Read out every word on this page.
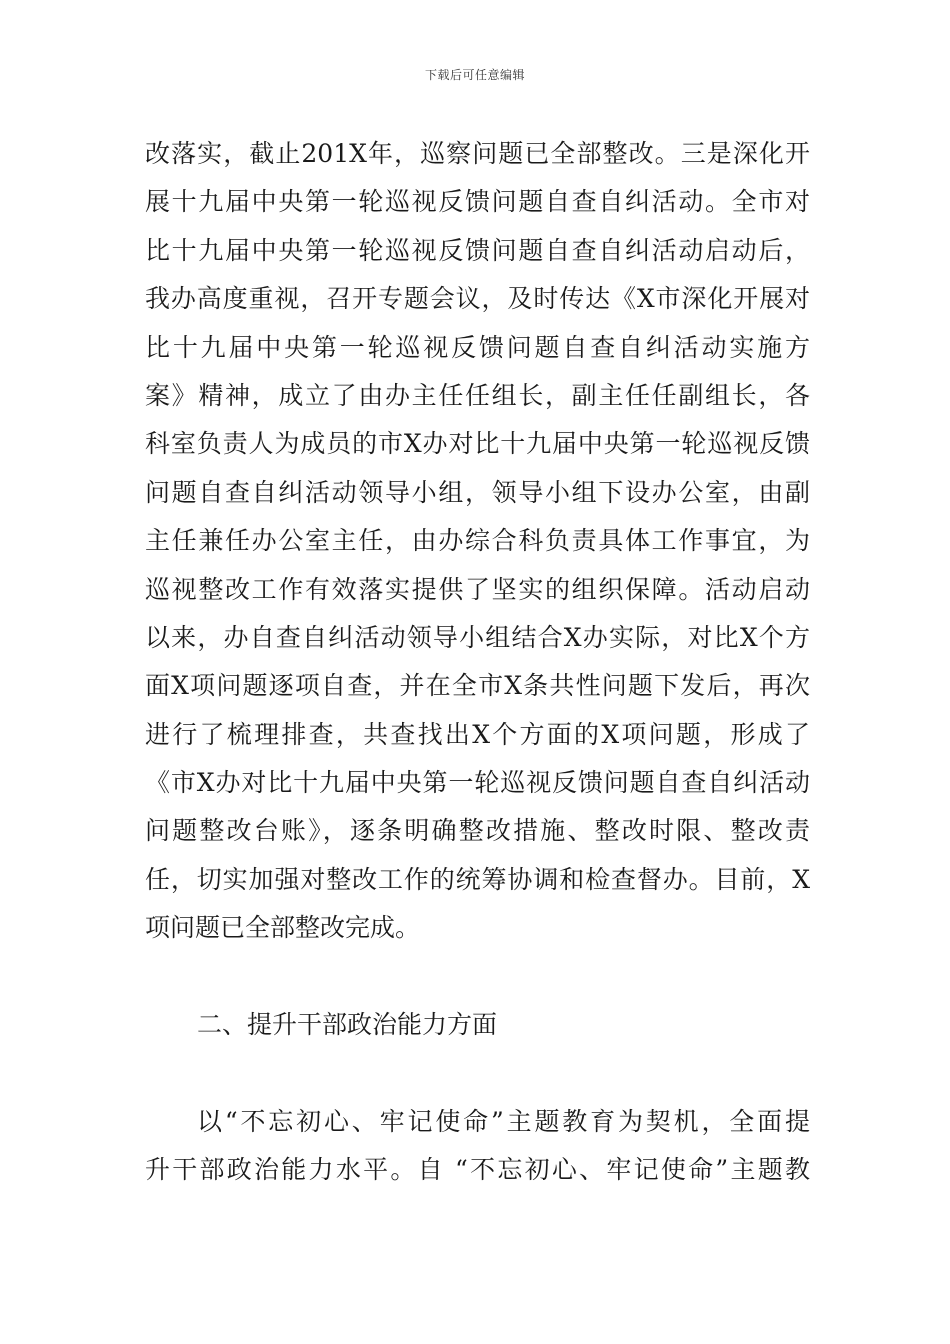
下载后可任意编辑
改落实，截止201X年，巡察问题已全部整改。三是深化开
展十九届中央第一轮巡视反馈问题自查自纠活动。全市对
比十九届中央第一轮巡视反馈问题自查自纠活动启动后，
我办高度重视，召开专题会议，及时传达《X市深化开展对
比十九届中央第一轮巡视反馈问题自查自纠活动实施方
案》精神，成立了由办主任任组长，副主任任副组长，各
科室负责人为成员的市X办对比十九届中央第一轮巡视反馈
问题自查自纠活动领导小组，领导小组下设办公室，由副
主任兼任办公室主任，由办综合科负责具体工作事宜，为
巡视整改工作有效落实提供了坚实的组织保障。活动启动
以来，办自查自纠活动领导小组结合X办实际，对比X个方
面X项问题逐项自查，并在全市X条共性问题下发后，再次
进行了梳理排查，共查找出X个方面的X项问题，形成了
《市X办对比十九届中央第一轮巡视反馈问题自查自纠活动
问题整改台账》，逐条明确整改措施、整改时限、整改责
任，切实加强对整改工作的统筹协调和检查督办。目前，X
项问题已全部整改完成。
二、提升干部政治能力方面
以“不忘初心、牢记使命”主题教育为契机，全面提
升干部政治能力水平。自 “不忘初心、牢记使命”主题教
